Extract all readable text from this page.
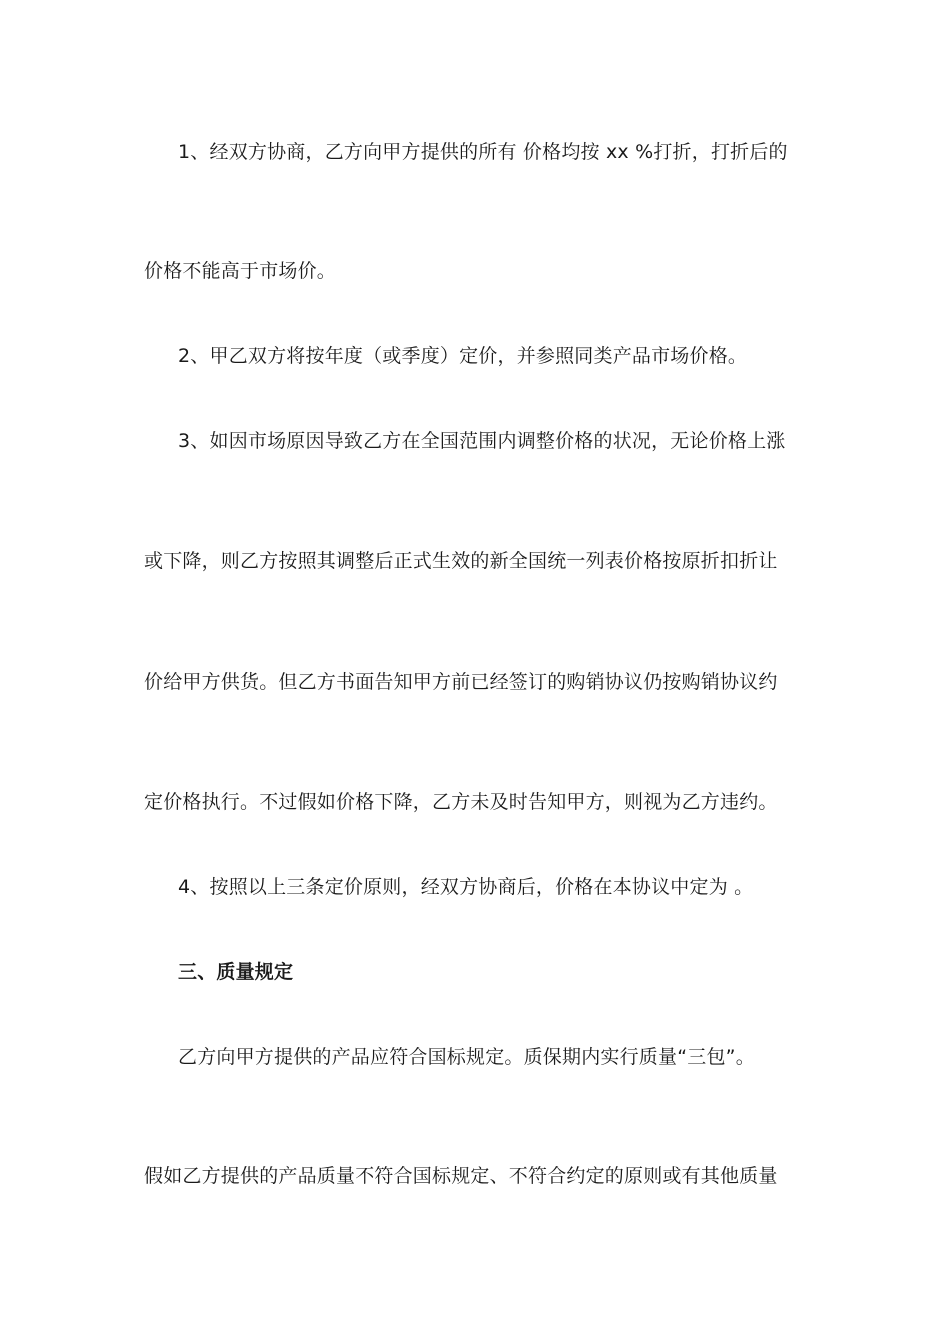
1、经双方协商，乙方向甲方提供的所有 价格均按 xx %打折，打折后的
价格不能高于市场价。
2、甲乙双方将按年度（或季度）定价，并参照同类产品市场价格。
3、如因市场原因导致乙方在全国范围内调整价格的状况，无论价格上涨
或下降，则乙方按照其调整后正式生效的新全国统一列表价格按原折扣折让
价给甲方供货。但乙方书面告知甲方前已经签订的购销协议仍按购销协议约
定价格执行。不过假如价格下降，乙方未及时告知甲方，则视为乙方违约。
4、按照以上三条定价原则，经双方协商后，价格在本协议中定为 。
三、质量规定
乙方向甲方提供的产品应符合国标规定。质保期内实行质量“三包”。
假如乙方提供的产品质量不符合国标规定、不符合约定的原则或有其他质量
